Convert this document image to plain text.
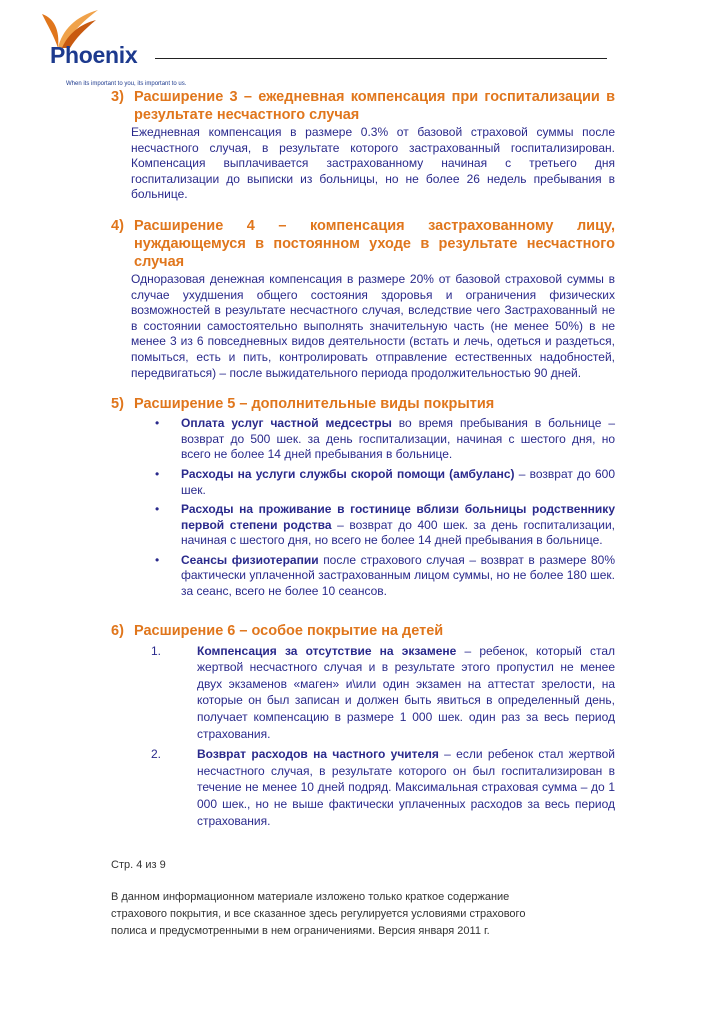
Phoenix
When its important to you, its important to us.
3) Расширение 3 – ежедневная компенсация при госпитализации в результате несчастного случая
Ежедневная компенсация в размере 0.3% от базовой страховой суммы после несчастного случая, в результате которого застрахованный госпитализирован. Компенсация выплачивается застрахованному начиная с третьего дня госпитализации до выписки из больницы, но не более 26 недель пребывания в больнице.
4) Расширение 4 – компенсация застрахованному лицу, нуждающемуся в постоянном уходе в результате несчастного случая
Одноразовая денежная компенсация в размере 20% от базовой страховой суммы в случае ухудшения общего состояния здоровья и ограничения физических возможностей в результате несчастного случая, вследствие чего Застрахованный не в состоянии самостоятельно выполнять значительную часть (не менее 50%) в не менее 3 из 6 повседневных видов деятельности (встать и лечь, одеться и раздеться, помыться, есть и пить, контролировать отправление естественных надобностей, передвигаться) – после выжидательного периода продолжительностью 90 дней.
5) Расширение 5 – дополнительные виды покрытия
•	Оплата услуг частной медсестры во время пребывания в больнице – возврат до 500 шек. за день госпитализации, начиная с шестого дня, но всего не более 14 дней пребывания в больнице.
•	Расходы на услуги службы скорой помощи (амбуланс) – возврат до 600 шек.
•	Расходы на проживание в гостинице вблизи больницы родственнику первой степени родства – возврат до 400 шек. за день госпитализации, начиная с шестого дня, но всего не более 14 дней пребывания в больнице.
•	Сеансы физиотерапии после страхового случая – возврат в размере 80% фактически уплаченной застрахованным лицом суммы, но не более 180 шек. за сеанс, всего не более 10 сеансов.
6) Расширение 6 – особое покрытие на детей
1.	Компенсация за отсутствие на экзамене – ребенок, который стал жертвой несчастного случая и в результате этого пропустил не менее двух экзаменов «маген» и\или один экзамен на аттестат зрелости, на которые он был записан и должен быть явиться в определенный день, получает компенсацию в размере 1 000 шек. один раз за весь период страхования.
2.	Возврат расходов на частного учителя – если ребенок стал жертвой несчастного случая, в результате которого он был госпитализирован в течение не менее 10 дней подряд. Максимальная страховая сумма – до 1 000 шек., но не выше фактически уплаченных расходов за весь период страхования.
Стр. 4 из 9
В данном информационном материале изложено только краткое содержание страхового покрытия, и все сказанное здесь регулируется условиями страхового полиса и предусмотренными в нем ограничениями. Версия января 2011 г.
